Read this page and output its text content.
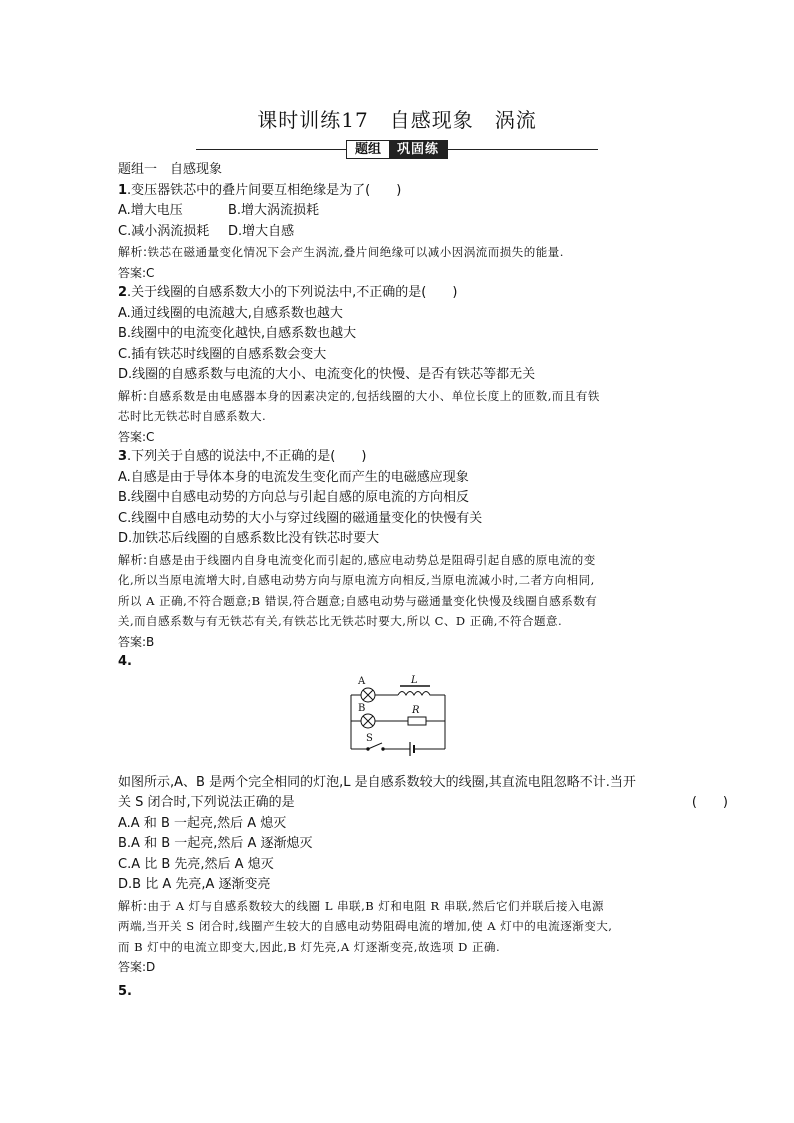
课时训练17　自感现象　涡流
题组	巩固练
题组一　自感现象
1.变压器铁芯中的叠片间要互相绝缘是为了(　　)
A.增大电压	B.增大涡流损耗
C.减小涡流损耗	D.增大自感
解析:铁芯在磁通量变化情况下会产生涡流,叠片间绝缘可以减小因涡流而损失的能量.
答案:C
2.关于线圈的自感系数大小的下列说法中,不正确的是(　　)
A.通过线圈的电流越大,自感系数也越大
B.线圈中的电流变化越快,自感系数也越大
C.插有铁芯时线圈的自感系数会变大
D.线圈的自感系数与电流的大小、电流变化的快慢、是否有铁芯等都无关
解析:自感系数是由电感器本身的因素决定的,包括线圈的大小、单位长度上的匝数,而且有铁
芯时比无铁芯时自感系数大.
答案:C
3.下列关于自感的说法中,不正确的是(　　)
A.自感是由于导体本身的电流发生变化而产生的电磁感应现象
B.线圈中自感电动势的方向总与引起自感的原电流的方向相反
C.线圈中自感电动势的大小与穿过线圈的磁通量变化的快慢有关
D.加铁芯后线圈的自感系数比没有铁芯时要大
解析:自感是由于线圈内自身电流变化而引起的,感应电动势总是阻碍引起自感的原电流的变
化,所以当原电流增大时,自感电动势方向与原电流方向相反,当原电流减小时,二者方向相同,
所以 A 正确,不符合题意;B 错误,符合题意;自感电动势与磁通量变化快慢及线圈自感系数有
关,而自感系数与有无铁芯有关,有铁芯比无铁芯时要大,所以 C、D 正确,不符合题意.
答案:B
4.
A
B
L
R
S
如图所示,A、B 是两个完全相同的灯泡,L 是自感系数较大的线圈,其直流电阻忽略不计.当开
关 S 闭合时,下列说法正确的是	(　　)
A.A 和 B 一起亮,然后 A 熄灭
B.A 和 B 一起亮,然后 A 逐渐熄灭
C.A 比 B 先亮,然后 A 熄灭
D.B 比 A 先亮,A 逐渐变亮
解析:由于 A 灯与自感系数较大的线圈 L 串联,B 灯和电阻 R 串联,然后它们并联后接入电源
两端,当开关 S 闭合时,线圈产生较大的自感电动势阻碍电流的增加,使 A 灯中的电流逐渐变大,
而 B 灯中的电流立即变大,因此,B 灯先亮,A 灯逐渐变亮,故选项 D 正确.
答案:D
5.
